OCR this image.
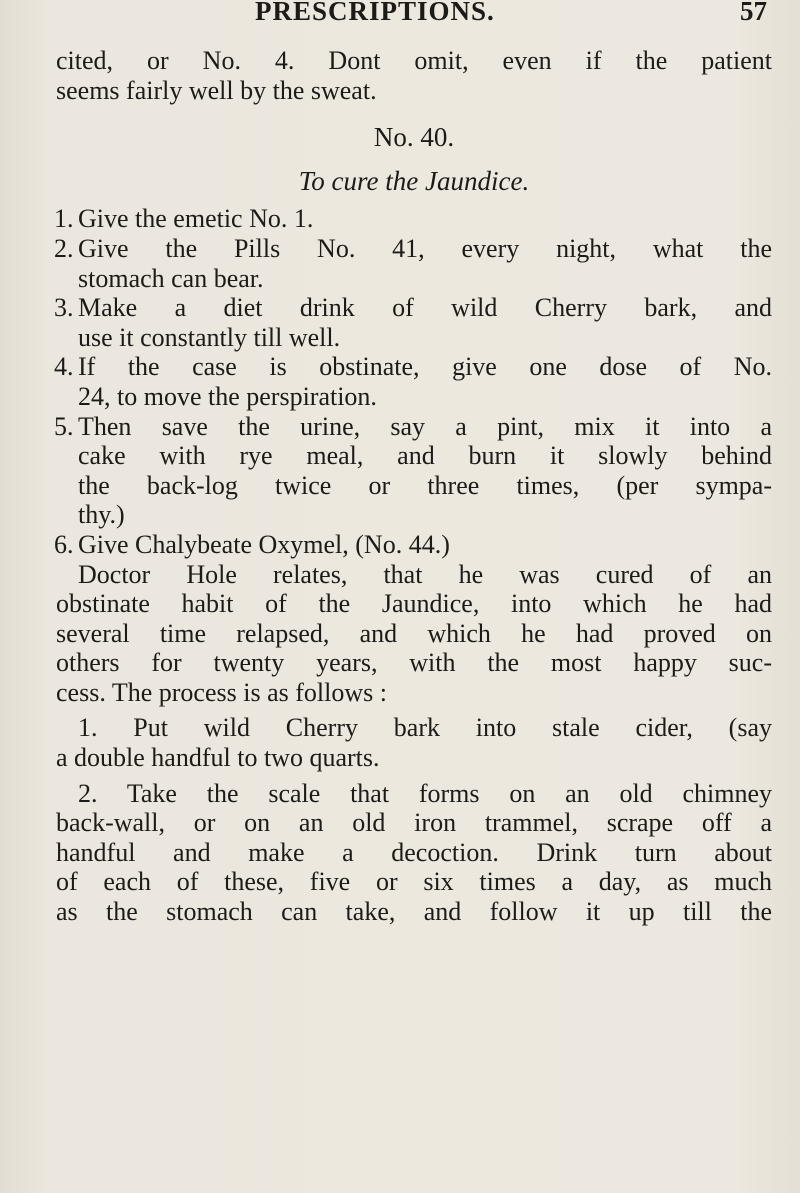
PRESCRIPTIONS.	57

cited, or No. 4. Dont omit, even if the patient

seems fairly well by the sweat.

No. 40.

To cure the Jaundice.

1. Give the emetic No. 1.

2. Give the Pills No. 41, every night, what the

stomach can bear.

3. Make a diet drink of wild Cherry bark, and

use it constantly till well.

4. If the case is obstinate, give one dose of No.

24, to move the perspiration.

5. Then save the urine, say a pint, mix it into a

cake with rye meal, and burn it slowly behind

the back-log twice or three times, (per sympa-

thy.)

6. Give Chalybeate Oxymel, (No. 44.)

Doctor Hole relates, that he was cured of an

obstinate habit of the Jaundice, into which he had

several time relapsed, and which he had proved on

others for twenty years, with the most happy suc-

cess. The process is as follows :

1. Put wild Cherry bark into stale cider, (say

a double handful to two quarts.

2. Take the scale that forms on an old chimney

back-wall, or on an old iron trammel, scrape off a

handful and make a decoction. Drink turn about

of each of these, five or six times a day, as much

as the stomach can take, and follow it up till the
